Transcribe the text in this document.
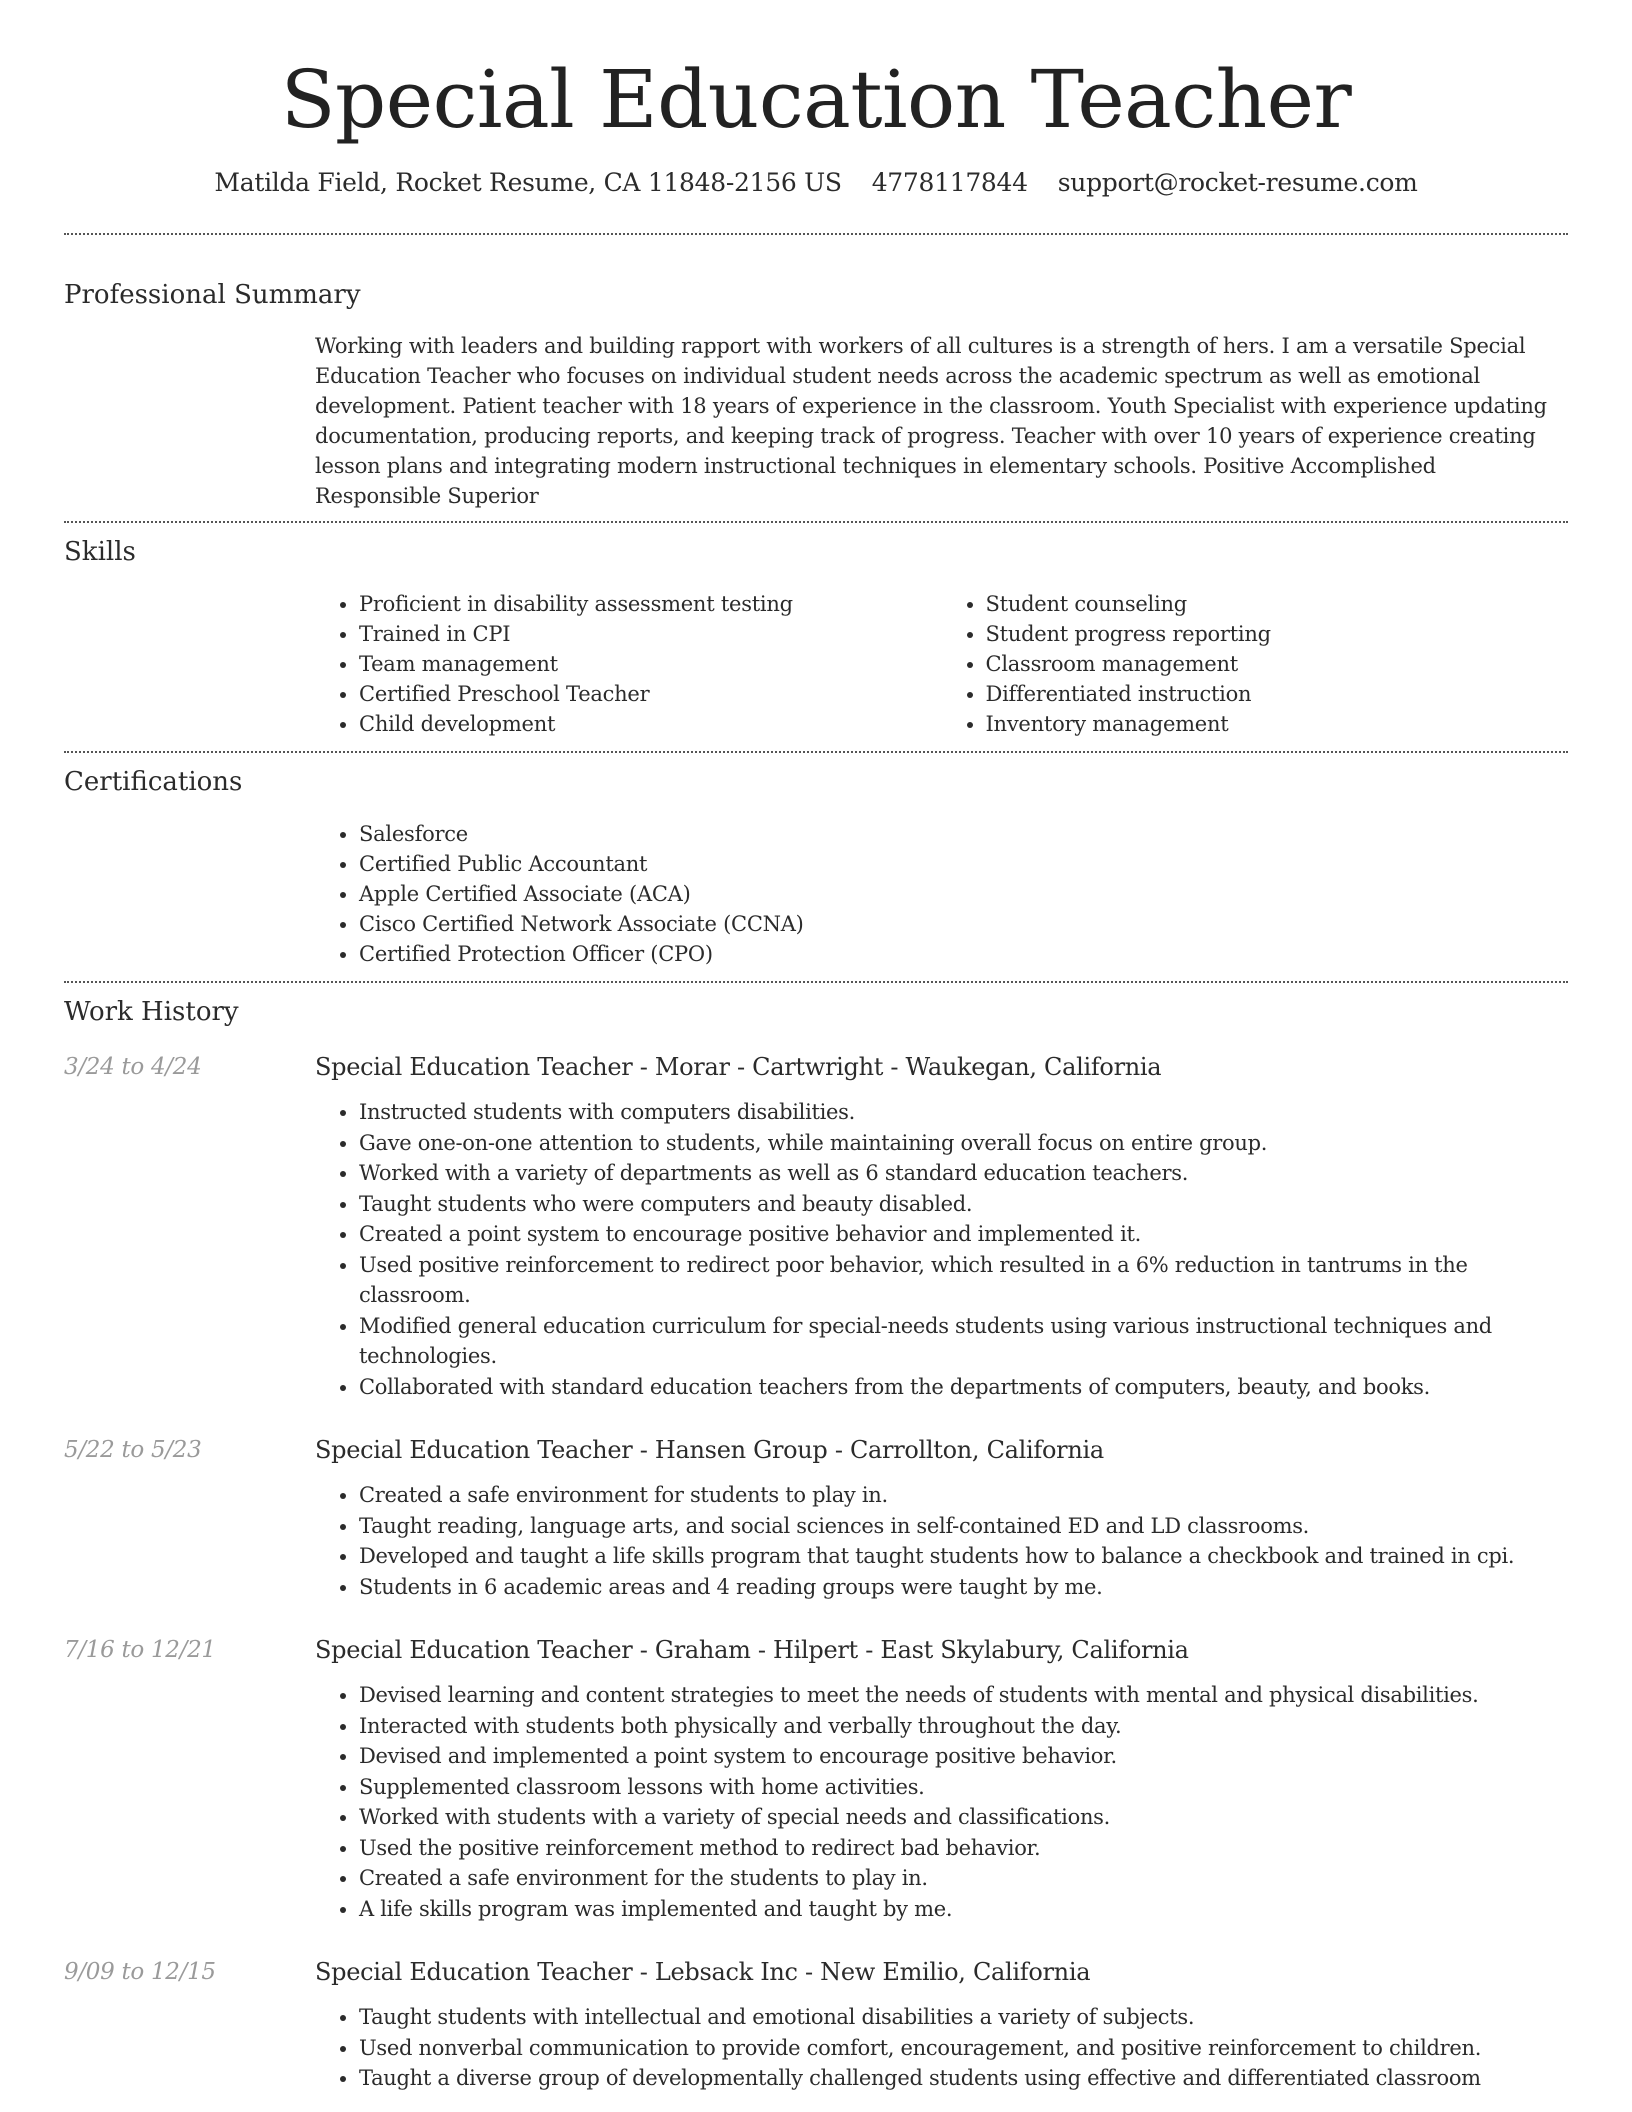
Special Education Teacher
Matilda Field, Rocket Resume, CA 11848-2156 US 4778117844 support@rocket-resume.com
Professional Summary

Working with leaders and building rapport with workers of all cultures is a strength of hers. I am a versatile Special Education Teacher who focuses on individual student needs across the academic spectrum as well as emotional development. Patient teacher with 18 years of experience in the classroom. Youth Specialist with experience updating documentation, producing reports, and keeping track of progress. Teacher with over 10 years of experience creating lesson plans and integrating modern instructional techniques in elementary schools. Positive Accomplished Responsible Superior

Skills
• Proficient in disability assessment testing
• Trained in CPI
• Team management
• Certified Preschool Teacher
• Child development
• Student counseling
• Student progress reporting
• Classroom management
• Differentiated instruction
• Inventory management
Certifications
• Salesforce
• Certified Public Accountant
• Apple Certified Associate (ACA)
• Cisco Certified Network Associate (CCNA)
• Certified Protection Officer (CPO)
Work History
3/24 to 4/24	Special Education Teacher - Morar - Cartwright - Waukegan, California
• Instructed students with computers disabilities.
• Gave one-on-one attention to students, while maintaining overall focus on entire group.
• Worked with a variety of departments as well as 6 standard education teachers.
• Taught students who were computers and beauty disabled.
• Created a point system to encourage positive behavior and implemented it.
• Used positive reinforcement to redirect poor behavior, which resulted in a 6% reduction in tantrums in the classroom.
• Modified general education curriculum for special-needs students using various instructional techniques and technologies.
• Collaborated with standard education teachers from the departments of computers, beauty, and books.
5/22 to 5/23	Special Education Teacher - Hansen Group - Carrollton, California
• Created a safe environment for students to play in.
• Taught reading, language arts, and social sciences in self-contained ED and LD classrooms.
• Developed and taught a life skills program that taught students how to balance a checkbook and trained in cpi.
• Students in 6 academic areas and 4 reading groups were taught by me.
7/16 to 12/21	Special Education Teacher - Graham - Hilpert - East Skylabury, California
• Devised learning and content strategies to meet the needs of students with mental and physical disabilities.
• Interacted with students both physically and verbally throughout the day.
• Devised and implemented a point system to encourage positive behavior.
• Supplemented classroom lessons with home activities.
• Worked with students with a variety of special needs and classifications.
• Used the positive reinforcement method to redirect bad behavior.
• Created a safe environment for the students to play in.
• A life skills program was implemented and taught by me.
9/09 to 12/15	Special Education Teacher - Lebsack Inc - New Emilio, California
• Taught students with intellectual and emotional disabilities a variety of subjects.
• Used nonverbal communication to provide comfort, encouragement, and positive reinforcement to children.
• Taught a diverse group of developmentally challenged students using effective and differentiated classroom
